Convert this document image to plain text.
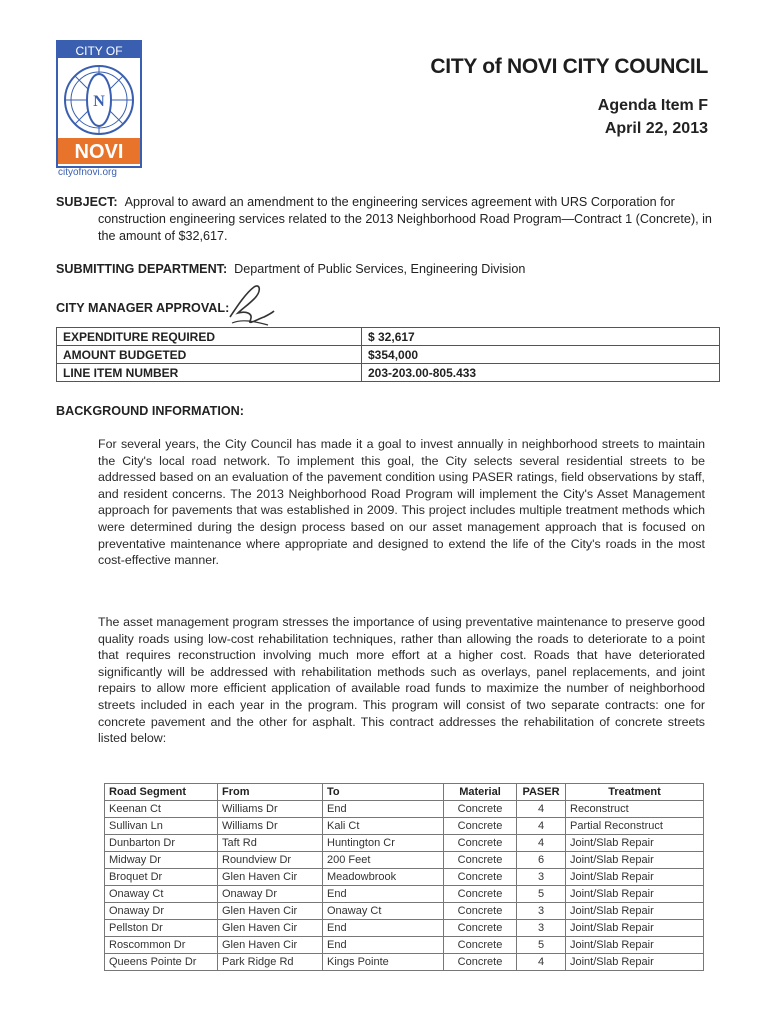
CITY OF
N
NOVI
cityofnovi.org
CITY of NOVI CITY COUNCIL
Agenda Item F
April 22, 2013
SUBJECT: Approval to award an amendment to the engineering services agreement with URS Corporation for construction engineering services related to the 2013 Neighborhood Road Program—Contract 1 (Concrete), in the amount of $32,617.
SUBMITTING DEPARTMENT: Department of Public Services, Engineering Division
CITY MANAGER APPROVAL:
EXPENDITURE REQUIRED	$ 32,617
AMOUNT BUDGETED	$354,000
LINE ITEM NUMBER	203-203.00-805.433
BACKGROUND INFORMATION:
For several years, the City Council has made it a goal to invest annually in neighborhood streets to maintain the City's local road network. To implement this goal, the City selects several residential streets to be addressed based on an evaluation of the pavement condition using PASER ratings, field observations by staff, and resident concerns. The 2013 Neighborhood Road Program will implement the City's Asset Management approach for pavements that was established in 2009. This project includes multiple treatment methods which were determined during the design process based on our asset management approach that is focused on preventative maintenance where appropriate and designed to extend the life of the City's roads in the most cost-effective manner.
The asset management program stresses the importance of using preventative maintenance to preserve good quality roads using low-cost rehabilitation techniques, rather than allowing the roads to deteriorate to a point that requires reconstruction involving much more effort at a higher cost. Roads that have deteriorated significantly will be addressed with rehabilitation methods such as overlays, panel replacements, and joint repairs to allow more efficient application of available road funds to maximize the number of neighborhood streets included in each year in the program. This program will consist of two separate contracts: one for concrete pavement and the other for asphalt. This contract addresses the rehabilitation of concrete streets listed below:
Road Segment	From	To	Material	PASER	Treatment
Keenan Ct	Williams Dr	End	Concrete	4	Reconstruct
Sullivan Ln	Williams Dr	Kali Ct	Concrete	4	Partial Reconstruct
Dunbarton Dr	Taft Rd	Huntington Cr	Concrete	4	Joint/Slab Repair
Midway Dr	Roundview Dr	200 Feet	Concrete	6	Joint/Slab Repair
Broquet Dr	Glen Haven Cir	Meadowbrook	Concrete	3	Joint/Slab Repair
Onaway Ct	Onaway Dr	End	Concrete	5	Joint/Slab Repair
Onaway Dr	Glen Haven Cir	Onaway Ct	Concrete	3	Joint/Slab Repair
Pellston Dr	Glen Haven Cir	End	Concrete	3	Joint/Slab Repair
Roscommon Dr	Glen Haven Cir	End	Concrete	5	Joint/Slab Repair
Queens Pointe Dr	Park Ridge Rd	Kings Pointe	Concrete	4	Joint/Slab Repair
